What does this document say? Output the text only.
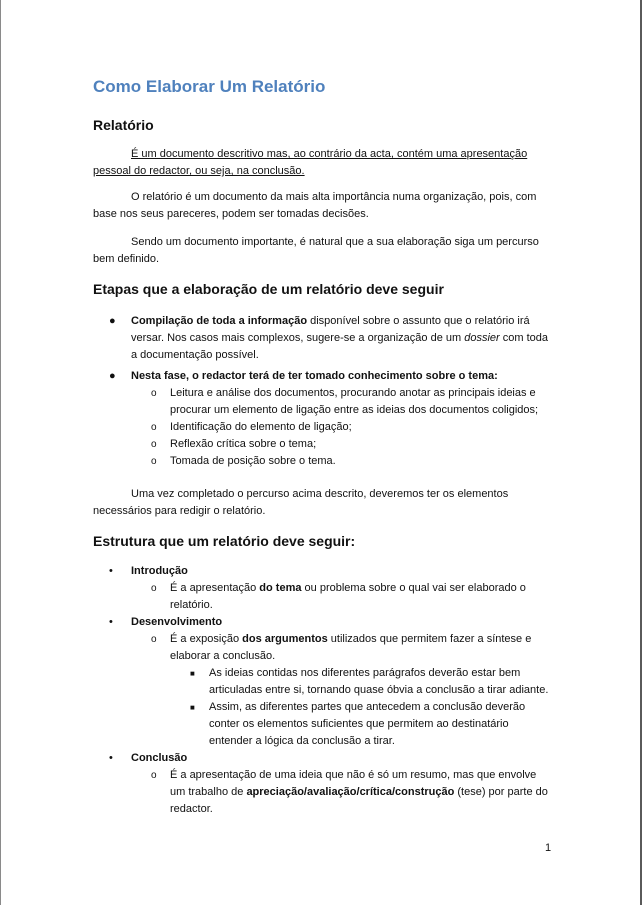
Como Elaborar Um Relatório
Relatório

É um documento descritivo mas, ao contrário da acta, contém uma apresentação pessoal do redactor, ou seja, na conclusão.

O relatório é um documento da mais alta importância numa organização, pois, com base nos seus pareceres, podem ser tomadas decisões.

Sendo um documento importante, é natural que a sua elaboração siga um percurso bem definido.

Etapas que a elaboração de um relatório deve seguir
● Compilação de toda a informação disponível sobre o assunto que o relatório irá versar. Nos casos mais complexos, sugere-se a organização de um dossier com toda a documentação possível.
● Nesta fase, o redactor terá de ter tomado conhecimento sobre o tema:
o Leitura e análise dos documentos, procurando anotar as principais ideias e procurar um elemento de ligação entre as ideias dos documentos coligidos;
o Identificação do elemento de ligação;
o Reflexão crítica sobre o tema;
o Tomada de posição sobre o tema.

Uma vez completado o percurso acima descrito, deveremos ter os elementos necessários para redigir o relatório.

Estrutura que um relatório deve seguir:
• Introdução
o É a apresentação do tema ou problema sobre o qual vai ser elaborado o relatório.
• Desenvolvimento
o É a exposição dos argumentos utilizados que permitem fazer a síntese e elaborar a conclusão.
■ As ideias contidas nos diferentes parágrafos deverão estar bem articuladas entre si, tornando quase óbvia a conclusão a tirar adiante.
■ Assim, as diferentes partes que antecedem a conclusão deverão conter os elementos suficientes que permitem ao destinatário entender a lógica da conclusão a tirar.
• Conclusão
o É a apresentação de uma ideia que não é só um resumo, mas que envolve um trabalho de apreciação/avaliação/crítica/construção (tese) por parte do redactor.
1
